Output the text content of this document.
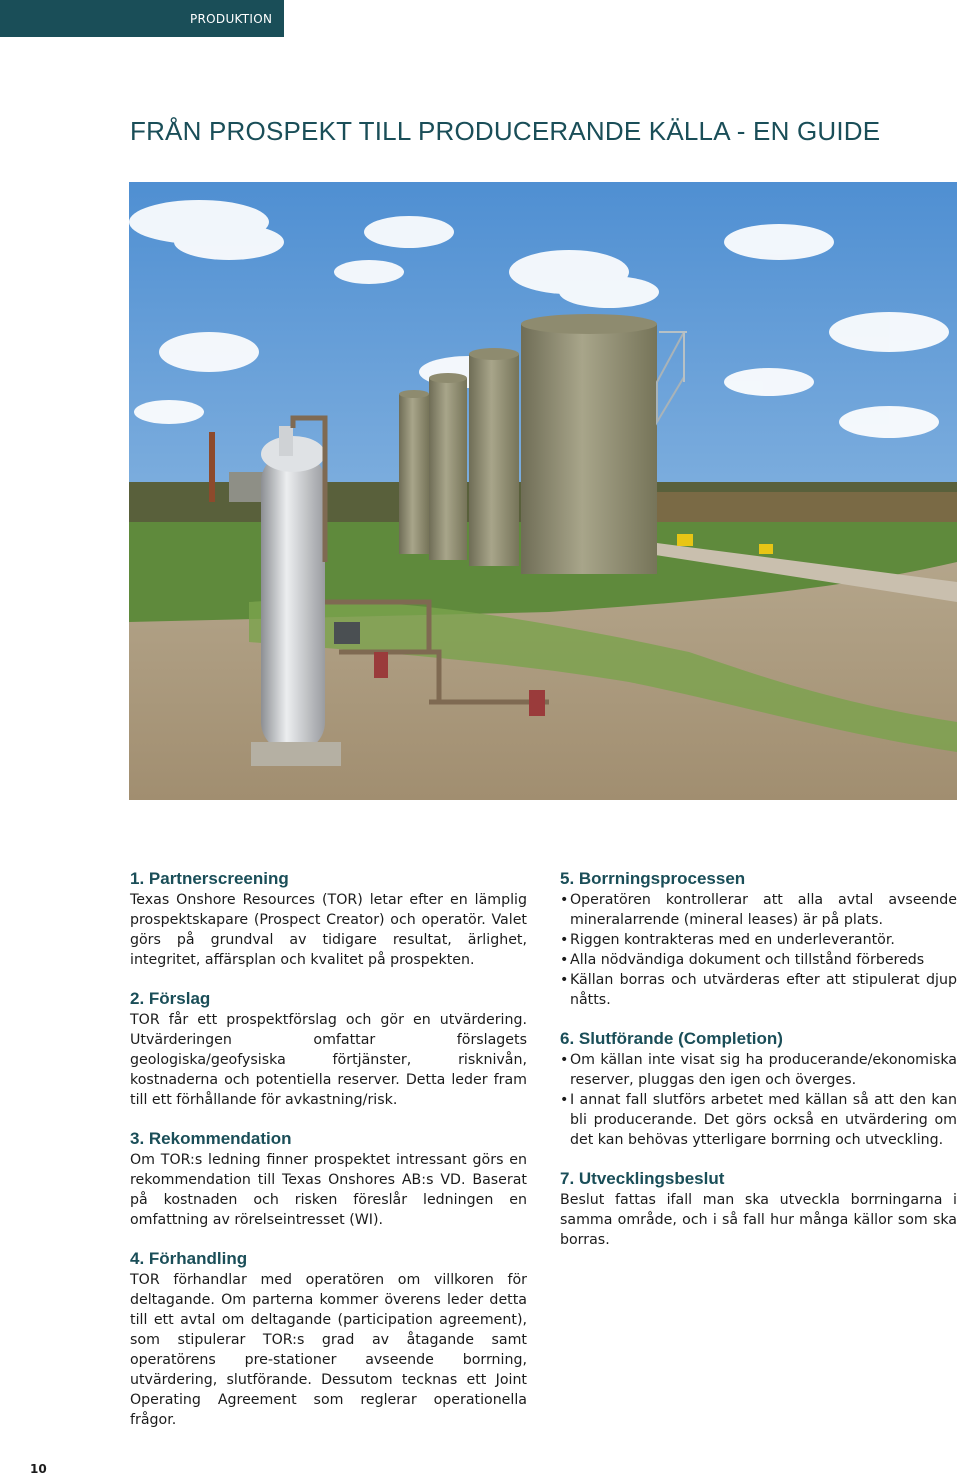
PRODUKTION
FRÅN PROSPEKT TILL PRODUCERANDE KÄLLA - EN GUIDE
1. Partnerscreening

Texas Onshore Resources (TOR) letar efter en lämplig prospektskapare (Prospect Creator) och operatör. Valet görs på grundval av tidigare resultat, ärlighet, integritet, affärsplan och kvalitet på prospekten.

2. Förslag

TOR får ett prospektförslag och gör en utvärdering. Utvärderingen omfattar förslagets geologiska/geofysiska förtjänster, risknivån, kostnaderna och potentiella reserver. Detta leder fram till ett förhållande för avkastning/risk.

3. Rekommendation

Om TOR:s ledning finner prospektet intressant görs en rekommendation till Texas Onshores AB:s VD. Baserat på kostnaden och risken föreslår ledningen en omfattning av rörelseintresset (WI).

4. Förhandling

TOR förhandlar med operatören om villkoren för deltagande. Om parterna kommer överens leder detta till ett avtal om deltagande (participation agreement), som stipulerar TOR:s grad av åtagande samt operatörens pre-stationer avseende borrning, utvärdering, slutförande. Dessutom tecknas ett Joint Operating Agreement som reglerar operationella frågor.

5. Borrningsprocessen
• Operatören kontrollerar att alla avtal avseende mineralarrende (mineral leases) är på plats.
• Riggen kontrakteras med en underleverantör.
• Alla nödvändiga dokument och tillstånd förbereds
• Källan borras och utvärderas efter att stipulerat djup nåtts.
6. Slutförande (Completion)
• Om källan inte visat sig ha producerande/ekonomiska reserver, pluggas den igen och överges.
• I annat fall slutförs arbetet med källan så att den kan bli producerande. Det görs också en utvärdering om det kan behövas ytterligare borrning och utveckling.
7. Utvecklingsbeslut

Beslut fattas ifall man ska utveckla borrningarna i samma område, och i så fall hur många källor som ska borras.

10
